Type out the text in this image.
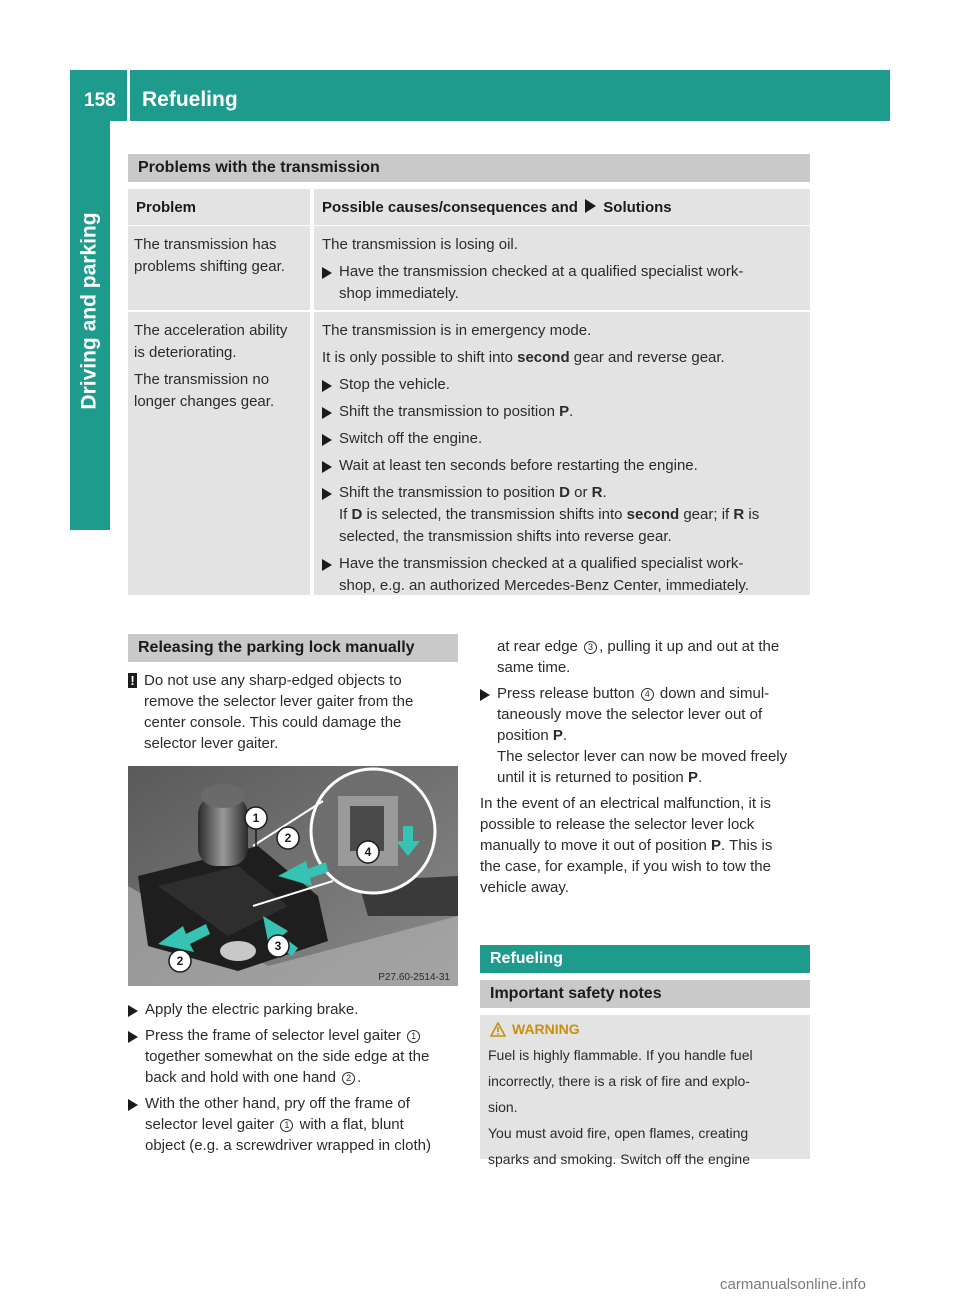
158 Refueling
Driving and parking
Problems with the transmission
Problem	Possible causes/consequences and Solutions
The transmission has
problems shifting gear.
The transmission is losing oil.
Have the transmission checked at a qualified specialist work-
shop immediately.
The acceleration ability
is deteriorating.
The transmission no
longer changes gear.
The transmission is in emergency mode.
It is only possible to shift into second gear and reverse gear.
Stop the vehicle.
Shift the transmission to position P.
Switch off the engine.
Wait at least ten seconds before restarting the engine.
Shift the transmission to position D or R.
If D is selected, the transmission shifts into second gear; if R is
selected, the transmission shifts into reverse gear.
Have the transmission checked at a qualified specialist work-
shop, e.g. an authorized Mercedes-Benz Center, immediately.
Releasing the parking lock manually
! Do not use any sharp-edged objects to
remove the selector lever gaiter from the
center console. This could damage the
selector lever gaiter.
1
2
2
3
4
P27.60-2514-31
Apply the electric parking brake.
Press the frame of selector level gaiter 1
together somewhat on the side edge at the
back and hold with one hand 2 .
With the other hand, pry off the frame of
selector level gaiter 1 with a flat, blunt
object (e.g. a screwdriver wrapped in cloth)
at rear edge 3 , pulling it up and out at the
same time.
Press release button 4 down and simul-
taneously move the selector lever out of
position P.
The selector lever can now be moved freely
until it is returned to position P.
In the event of an electrical malfunction, it is
possible to release the selector lever lock
manually to move it out of position P. This is
the case, for example, if you wish to tow the
vehicle away.
Refueling
Important safety notes
WARNING
Fuel is highly flammable. If you handle fuel
incorrectly, there is a risk of fire and explo-
sion.
You must avoid fire, open flames, creating
sparks and smoking. Switch off the engine
carmanualsonline.info
